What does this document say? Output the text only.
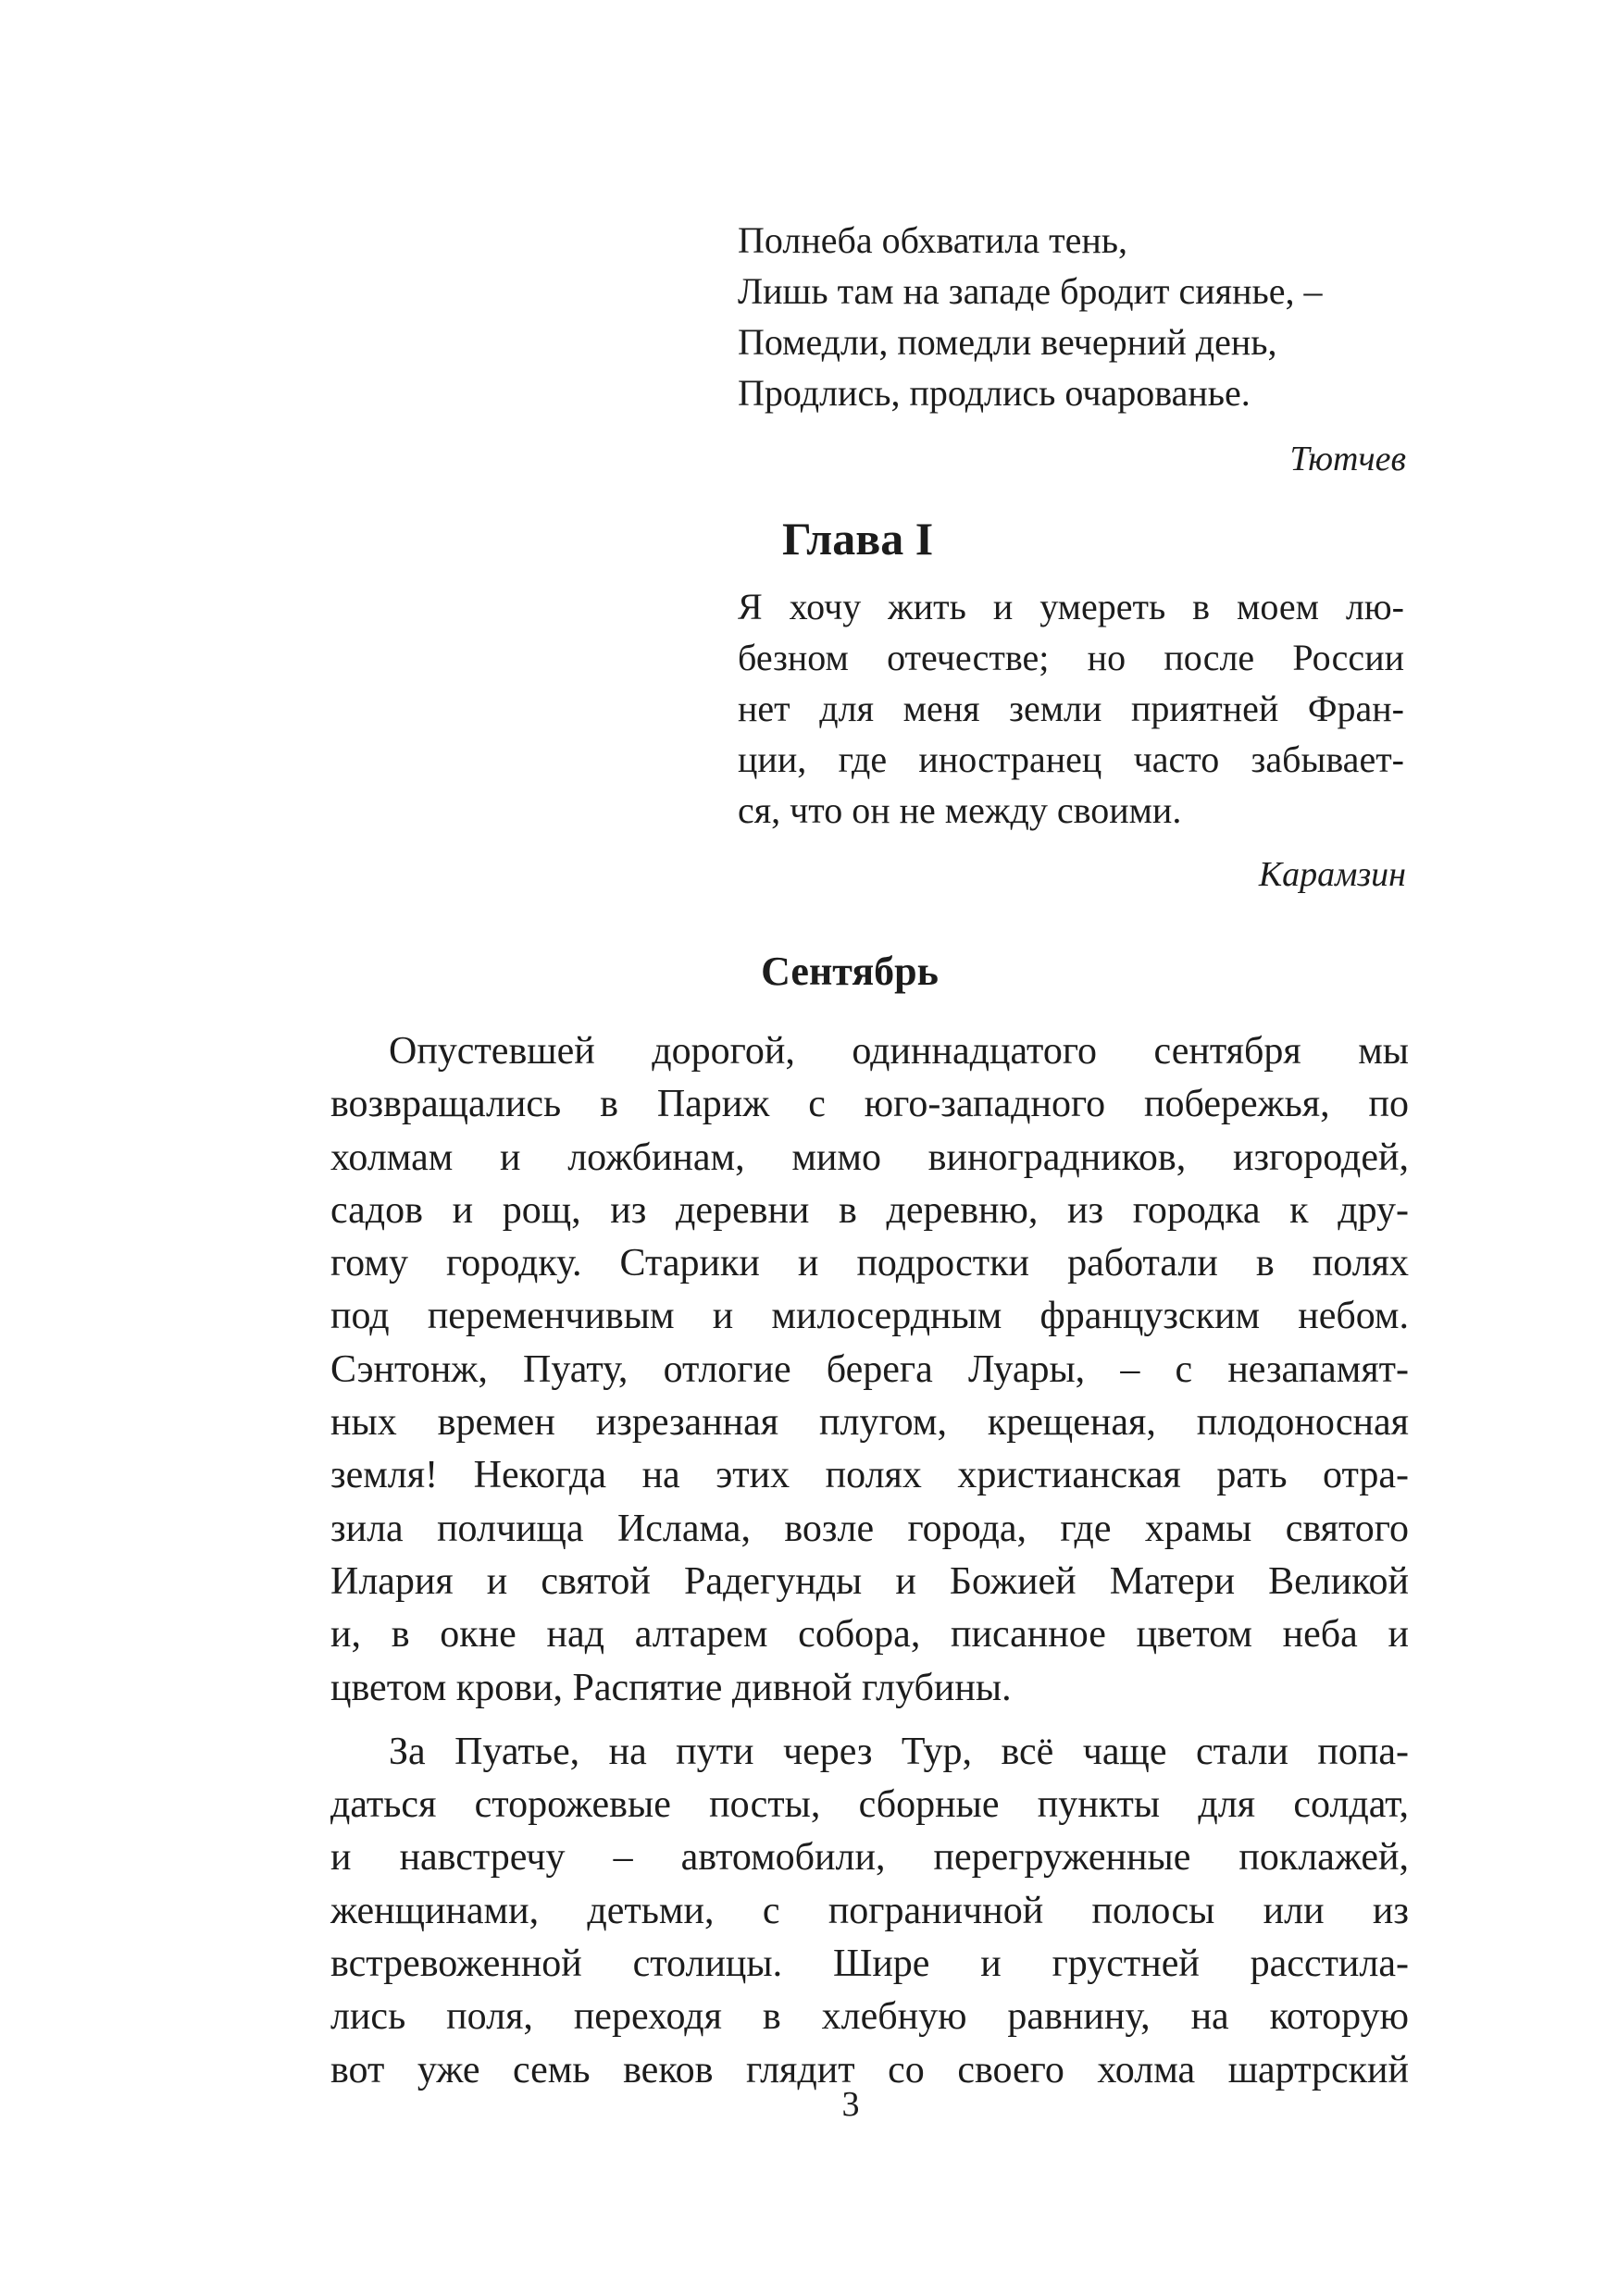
Полнеба обхватила тень,
Лишь там на западе бродит сиянье, –
Помедли, помедли вечерний день,
Продлись, продлись очарованье.
Тютчев
Глава I
Я хочу жить и умереть в моем лю-
безном отечестве; но после России
нет для меня земли приятней Фран-
ции, где иностранец часто забывает-
ся, что он не между своими.
Карамзин
Сентябрь
Опустевшей дорогой, одиннадцатого сентября мы
возвращались в Париж с юго-западного побережья, по
холмам и ложбинам, мимо виноградников, изгородей,
садов и рощ, из деревни в деревню, из городка к дру-
гому городку. Старики и подростки работали в полях
под переменчивым и милосердным французским небом.
Сэнтонж, Пуату, отлогие берега Луары, – с незапамят-
ных времен изрезанная плугом, крещеная, плодоносная
земля! Некогда на этих полях христианская рать отра-
зила полчища Ислама, возле города, где храмы святого
Илария и святой Радегунды и Божией Матери Великой
и, в окне над алтарем собора, писанное цветом неба и
цветом крови, Распятие дивной глубины.
За Пуатье, на пути через Тур, всё чаще стали попа-
даться сторожевые посты, сборные пункты для солдат,
и навстречу – автомобили, перегруженные поклажей,
женщинами, детьми, с пограничной полосы или из
встревоженной столицы. Шире и грустней расстила-
лись поля, переходя в хлебную равнину, на которую
вот уже семь веков глядит со своего холма шартрский
3
